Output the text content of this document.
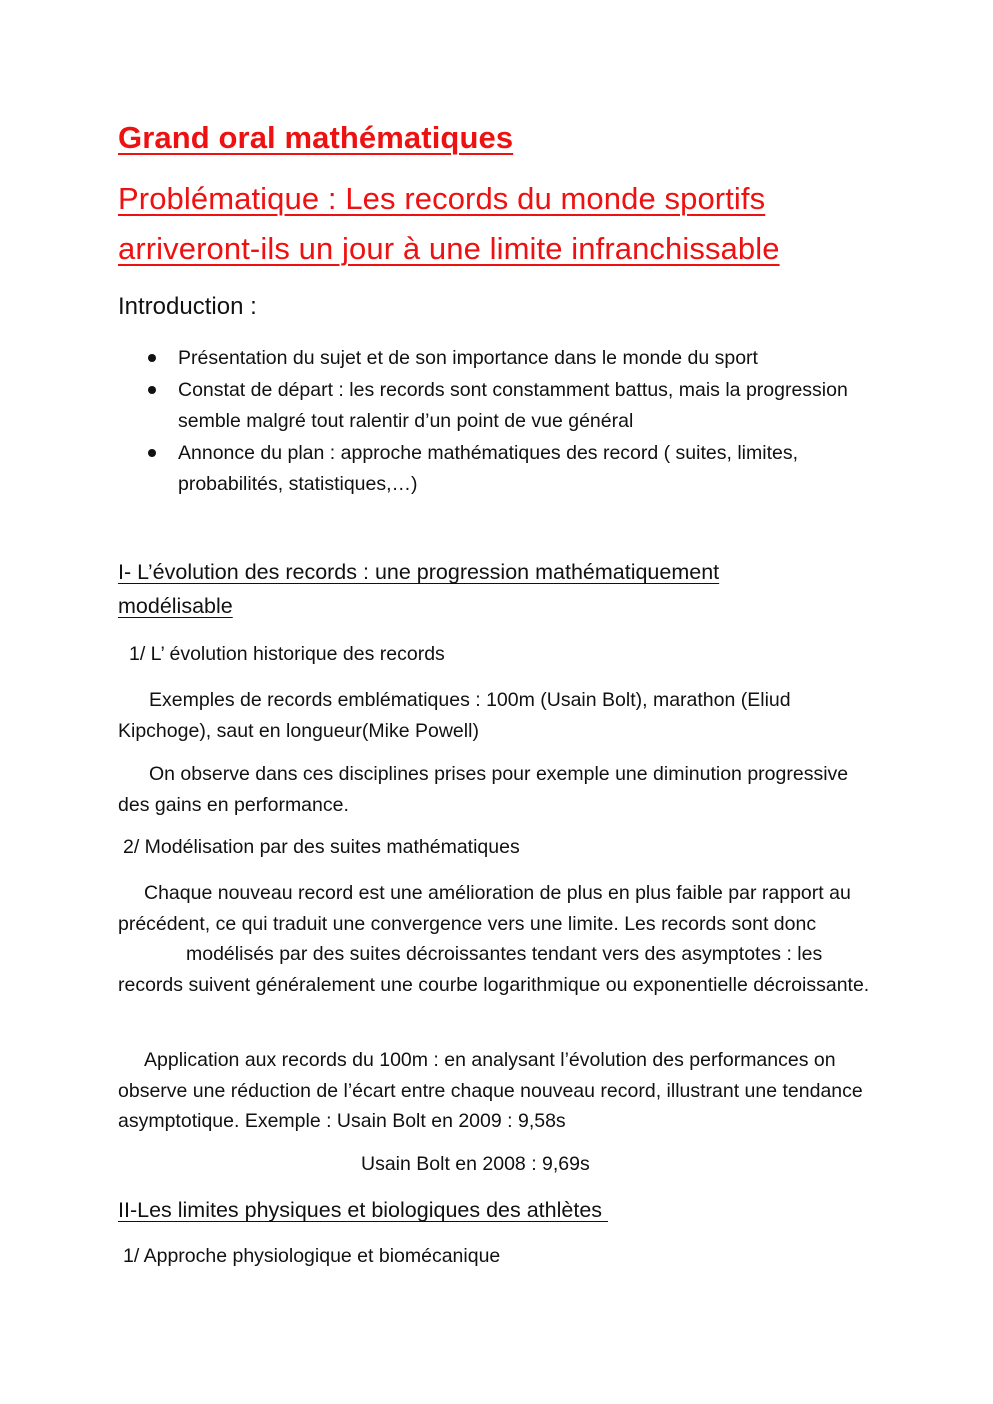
Grand oral mathématiques
Problématique : Les records du monde sportifs
arriveront-ils un jour à une limite infranchissable
Introduction :
Présentation du sujet et de son importance dans le monde du sport
Constat de départ : les records sont constamment battus, mais la progression semble malgré tout ralentir d’un point de vue général
Annonce du plan : approche mathématiques des record ( suites, limites, probabilités, statistiques,…)
I- L’évolution des records : une progression mathématiquement
modélisable
1/ L’ évolution historique des records

Exemples de records emblématiques : 100m (Usain Bolt), marathon (Eliud Kipchoge), saut en longueur(Mike Powell)

On observe dans ces disciplines prises pour exemple une diminution progressive des gains en performance.

2/ Modélisation par des suites mathématiques

Chaque nouveau record est une amélioration de plus en plus faible par rapport au précédent, ce qui traduit une convergence vers une limite. Les records sont doncmodélisés par des suites décroissantes tendant vers des asymptotes : les records suivent généralement une courbe logarithmique ou exponentielle décroissante.

Application aux records du 100m : en analysant l’évolution des performances on observe une réduction de l’écart entre chaque nouveau record, illustrant une tendance asymptotique. Exemple : Usain Bolt en 2009 : 9,58s

Usain Bolt en 2008 : 9,69s
II-Les limites physiques et biologiques des athlètes
1/ Approche physiologique et biomécanique
